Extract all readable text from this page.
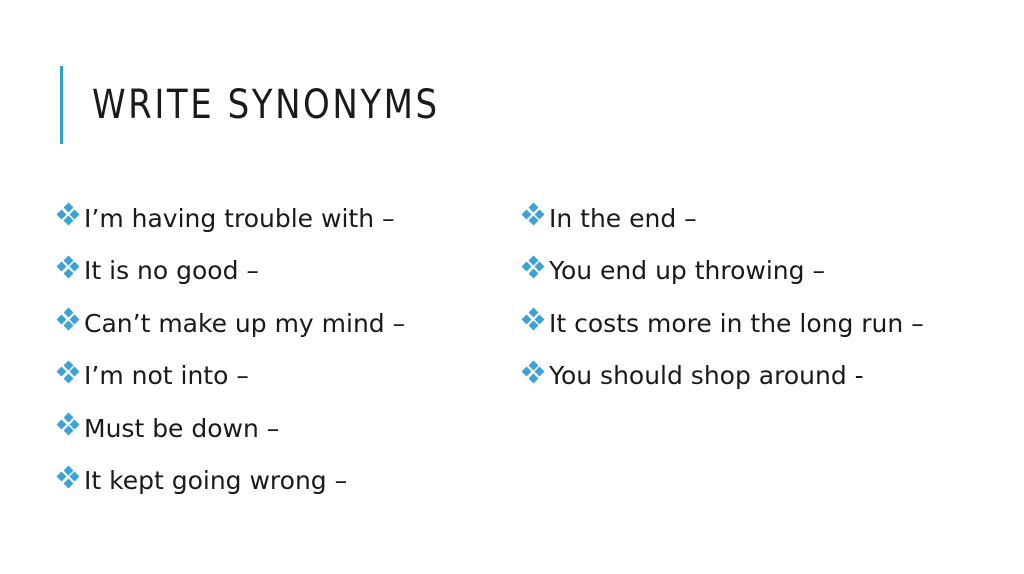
WRITE SYNONYMS
I’m having trouble with –
It is no good –
Can’t make up my mind –
I’m not into –
Must be down –
It kept going wrong –
In the end –
You end up throwing –
It costs more in the long run –
You should shop around -
